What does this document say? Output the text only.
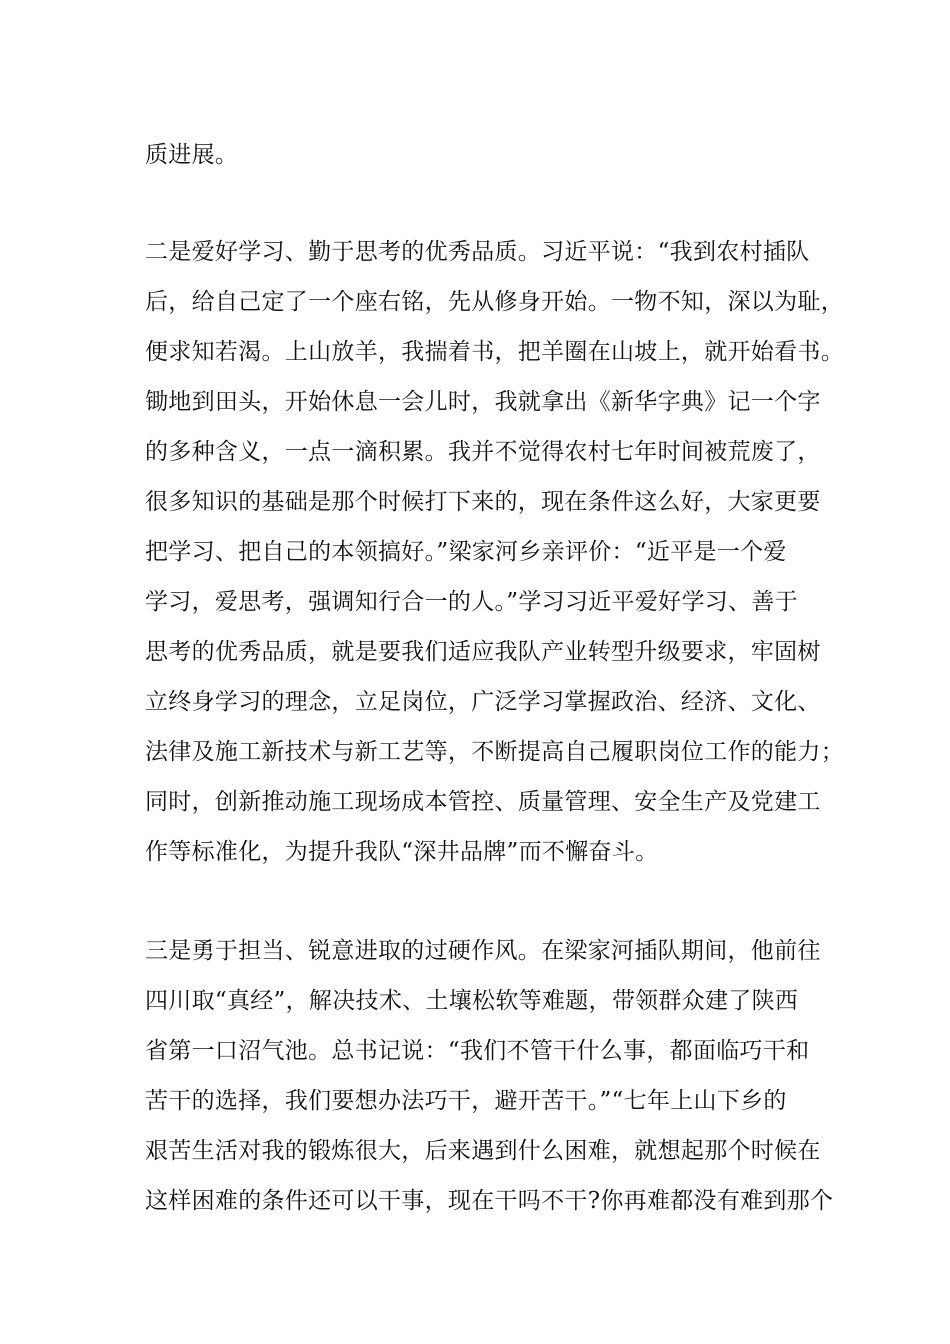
质进展。
二是爱好学习、勤于思考的优秀品质。习近平说：“我到农村插队
后，给自己定了一个座右铭，先从修身开始。一物不知，深以为耻，
便求知若渴。上山放羊，我揣着书，把羊圈在山坡上，就开始看书。
锄地到田头，开始休息一会儿时，我就拿出《新华字典》记一个字
的多种含义，一点一滴积累。我并不觉得农村七年时间被荒废了，
很多知识的基础是那个时候打下来的，现在条件这么好，大家更要
把学习、把自己的本领搞好。”梁家河乡亲评价：“近平是一个爱
学习，爱思考，强调知行合一的人。”学习习近平爱好学习、善于
思考的优秀品质，就是要我们适应我队产业转型升级要求，牢固树
立终身学习的理念，立足岗位，广泛学习掌握政治、经济、文化、
法律及施工新技术与新工艺等，不断提高自己履职岗位工作的能力；
同时，创新推动施工现场成本管控、质量管理、安全生产及党建工
作等标准化，为提升我队“深井品牌”而不懈奋斗。
三是勇于担当、锐意进取的过硬作风。在梁家河插队期间，他前往
四川取“真经”，解决技术、土壤松软等难题，带领群众建了陕西
省第一口沼气池。总书记说：“我们不管干什么事，都面临巧干和
苦干的选择，我们要想办法巧干，避开苦干。”“七年上山下乡的
艰苦生活对我的锻炼很大，后来遇到什么困难，就想起那个时候在
这样困难的条件还可以干事，现在干吗不干?你再难都没有难到那个
